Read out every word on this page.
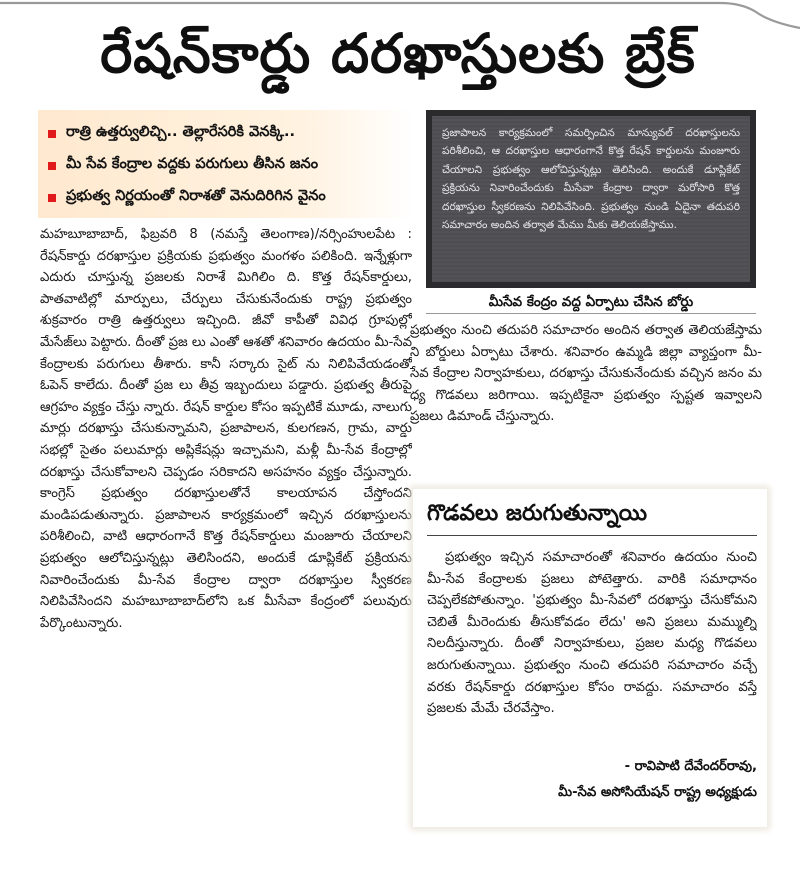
రేషన్‌కార్డు దరఖాస్తులకు బ్రేక్
రాత్రి ఉత్తర్వులిచ్చి.. తెల్లారేసరికి వెనక్కి..
మీ సేవ కేంద్రాల వద్దకు పరుగులు తీసిన జనం
ప్రభుత్వ నిర్ణయంతో నిరాశతో వెనుదిరిగిన వైనం
మహబూబాబాద్, ఫిబ్రవరి 8 (నమస్తే తెలంగాణ)/నర్సింహులపేట : రేషన్‌కార్డు దరఖాస్తుల ప్రక్రియకు ప్రభుత్వం మంగళం పలికింది. ఇన్నేళ్లుగా ఎదురు చూస్తున్న ప్రజలకు నిరాశే మిగిలిం ది. కొత్త రేషన్‌కార్డులు, పాతవాటిల్లో మార్పులు, చేర్పులు చేసుకునేందుకు రాష్ట్ర ప్రభుత్వం శుక్రవారం రాత్రి ఉత్తర్వులు ఇచ్చింది. జీవో కాపీతో వివిధ గ్రూపుల్లో మేసేజ్‌లు పెట్టారు. దీంతో ప్రజ లు ఎంతో ఆశతో శనివారం ఉదయం మీ-సేవ కేంద్రాలకు పరుగులు తీశారు. కానీ సర్కారు సైట్ ను నిలిపివేయడంతో ఓపెన్ కాలేదు. దీంతో ప్రజ లు తీవ్ర ఇబ్బందులు పడ్డారు. ప్రభుత్వ తీరుపై ఆగ్రహం వ్యక్తం చేస్తు న్నారు. రేషన్ కార్డుల కోసం ఇప్పటికే మూడు, నాలుగు మార్లు దరఖాస్తు చేసుకున్నామని, ప్రజాపాలన, కులగణన, గ్రామ, వార్డు సభల్లో సైతం పలుమార్లు అప్లికేషన్లు ఇచ్చామని, మళ్లీ మీ-సేవ కేంద్రాల్లో దరఖాస్తు చేసుకోవాలని చెప్పడం సరికాదని అసహనం వ్యక్తం చేస్తున్నారు. కాంగ్రెస్ ప్రభుత్వం దరఖాస్తులతోనే కాలయాపన చేస్తోందని మండిపడుతున్నారు. ప్రజాపాలన కార్యక్రమంలో ఇచ్చిన దరఖాస్తులను పరిశీలించి, వాటి ఆధారంగానే కొత్త రేషన్‌కార్డులు మంజూరు చేయాలని ప్రభుత్వం ఆలోచిస్తున్నట్లు తెలిసిందని, అందుకే డూప్లికేట్ ప్రక్రియను నివారించేందుకు మీ-సేవ కేంద్రాల ద్వారా దరఖాస్తుల స్వీకరణ నిలిపివేసిందని మహబూబాబాద్‌లోని ఒక మీసేవా కేంద్రంలో పలువురు పేర్కొంటున్నారు.
ప్రజాపాలన కార్యక్రమంలో సమర్పించిన మాన్యువల్ దరఖాస్తులను పరిశీలించి, ఆ దరఖాస్తుల ఆధారంగానే కొత్త రేషన్ కార్డులను మంజూరు చేయాలని ప్రభుత్వం ఆలోచిస్తున్నట్లు తెలిసింది. అందుకే డూప్లికేట్ ప్రక్రియను నివారించేందుకు మీసేవా కేంద్రాల ద్వారా మరోసారి కొత్త దరఖాస్తుల స్వీకరణను నిలిపివేసింది. ప్రభుత్వం నుండి ఏదైనా తదుపరి సమాచారం అందిన తర్వాత మేము మీకు తెలియజేస్తాము.
మీసేవ కేంద్రం వద్ద ఏర్పాటు చేసిన బోర్డు
ప్రభుత్వం నుంచి తదుపరి సమాచారం అందిన తర్వాత తెలియజేస్తామ ని బోర్డులు ఏర్పాటు చేశారు. శనివారం ఉమ్మడి జిల్లా వ్యాప్తంగా మీ-సేవ కేంద్రాల నిర్వాహకులు, దరఖాస్తు చేసుకునేందుకు వచ్చిన జనం మ ధ్య గొడవలు జరిగాయి. ఇప్పటికైనా ప్రభుత్వం స్పష్టత ఇవ్వాలని ప్రజలు డిమాండ్ చేస్తున్నారు.
గొడవలు జరుగుతున్నాయి
ప్రభుత్వం ఇచ్చిన సమాచారంతో శనివారం ఉదయం నుంచి మీ-సేవ కేంద్రాలకు ప్రజలు పోటెత్తారు. వారికి సమాధానం చెప్పలేకపోతున్నాం. 'ప్రభుత్వం మీ-సేవలో దరఖాస్తు చేసుకోమని చెబితే మీరెందుకు తీసుకోవడం లేదు' అని ప్రజలు మమ్ముల్ని నిలదీస్తున్నారు. దీంతో నిర్వాహకులు, ప్రజల మధ్య గొడవలు జరుగుతున్నాయి. ప్రభుత్వం నుంచి తదుపరి సమాచారం వచ్చే వరకు రేషన్‌కార్డు దరఖాస్తుల కోసం రావద్దు. సమాచారం వస్తే ప్రజలకు మేమే చేరవేస్తాం.
- రావిపాటి దేవేందర్‌రావు,
మీ-సేవ అసోసియేషన్ రాష్ట్ర అధ్యక్షుడు
